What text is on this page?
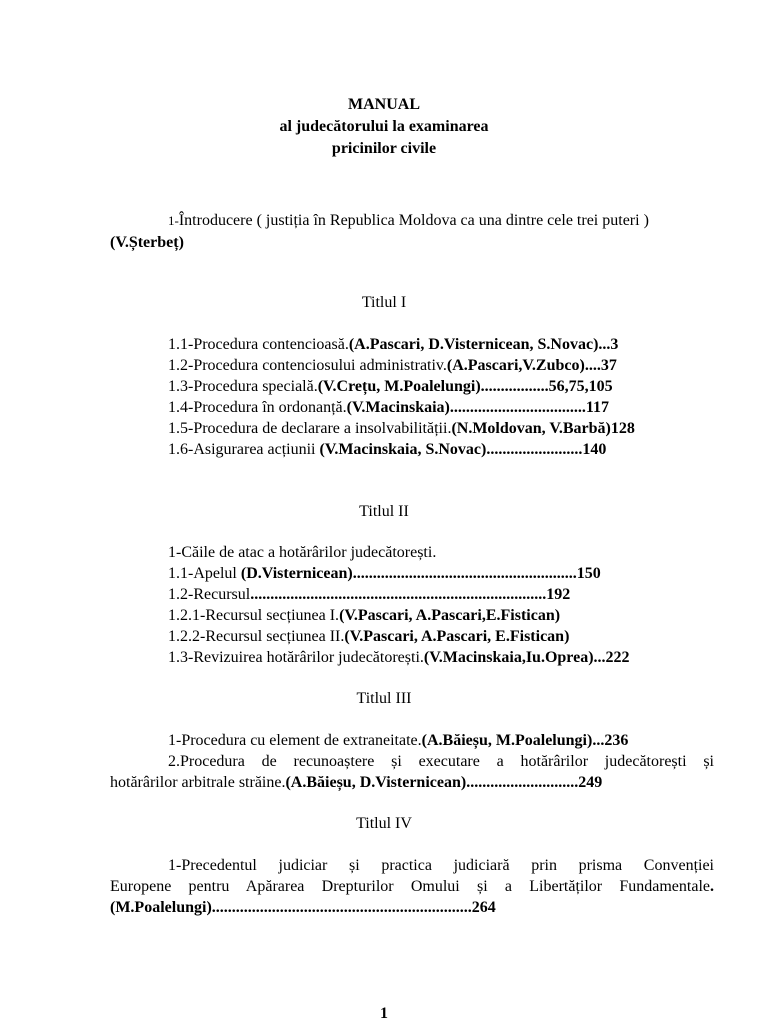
MANUAL
al judecătorului la examinarea
pricinilor civile
1-Întroducere ( justiția în Republica Moldova ca una dintre cele trei puteri )
(V.Șterbeț)
Titlul I
1.1-Procedura contencioasă.(A.Pascari, D.Visternicean, S.Novac)...3
1.2-Procedura contenciosului administrativ.(A.Pascari,V.Zubco)....37
1.3-Procedura specială.(V.Crețu, M.Poalelungi).................56,75,105
1.4-Procedura în ordonanță.(V.Macinskaia)..................................117
1.5-Procedura de declarare a insolvabilității.(N.Moldovan, V.Barbă)128
1.6-Asigurarea acțiunii (V.Macinskaia, S.Novac)........................140
Titlul II
1-Căile de atac a hotărârilor judecătorești.
1.1-Apelul (D.Visternicean)........................................................150
1.2-Recursul..........................................................................192
1.2.1-Recursul secțiunea I.(V.Pascari, A.Pascari,E.Fistican)
1.2.2-Recursul secțiunea II.(V.Pascari, A.Pascari, E.Fistican)
1.3-Revizuirea hotărârilor judecătorești.(V.Macinskaia,Iu.Oprea)...222
Titlul III
1-Procedura cu element de extraneitate.(A.Băieșu, M.Poalelungi)...236
2.Procedura de recunoaștere și executare a hotărârilor judecătorești și
hotărârilor arbitrale străine.(A.Băieșu, D.Visternicean)............................249
Titlul IV
1-Precedentul judiciar și practica judiciară prin prisma Convenției
Europene pentru Apărarea Drepturilor Omului și a Libertăților Fundamentale.
(M.Poalelungi).................................................................264
1
